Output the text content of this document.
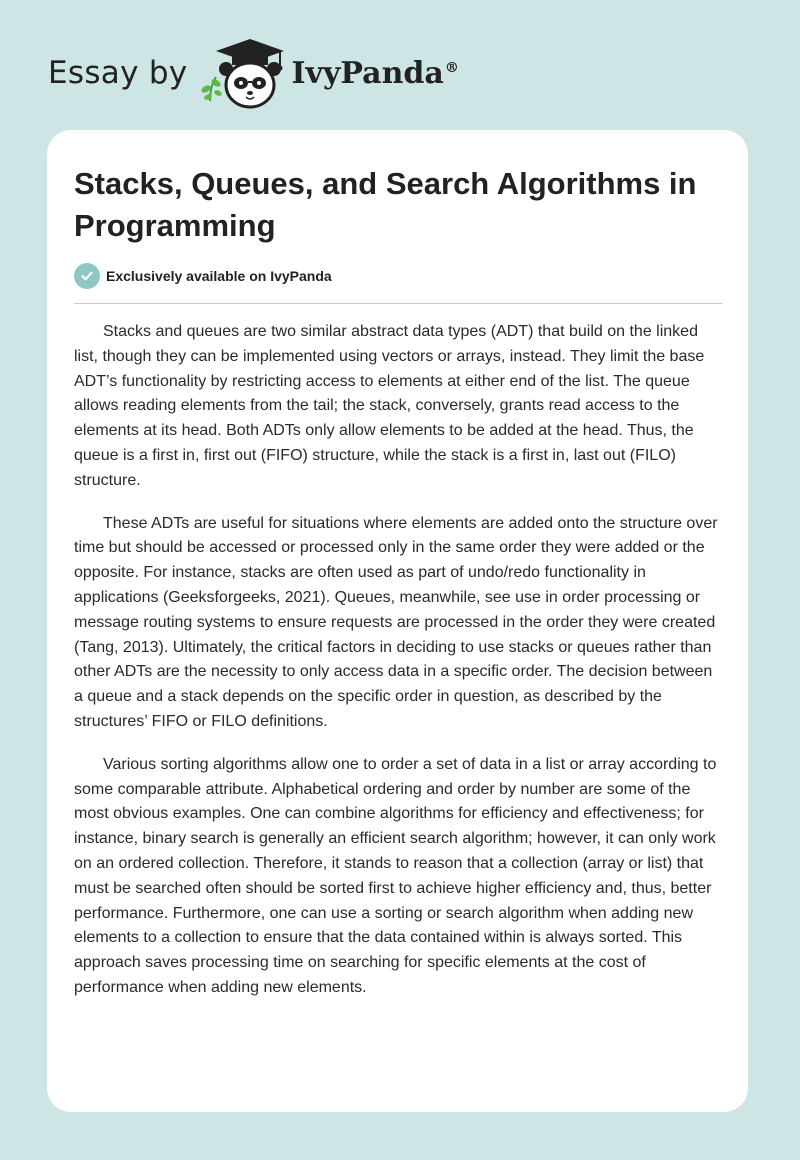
Essay by	IvyPanda®
Stacks, Queues, and Search Algorithms in Programming
Exclusively available on IvyPanda

Stacks and queues are two similar abstract data types (ADT) that build on the linked list, though they can be implemented using vectors or arrays, instead. They limit the base ADT’s functionality by restricting access to elements at either end of the list. The queue allows reading elements from the tail; the stack, conversely, grants read access to the elements at its head. Both ADTs only allow elements to be added at the head. Thus, the queue is a first in, first out (FIFO) structure, while the stack is a first in, last out (FILO) structure.

These ADTs are useful for situations where elements are added onto the structure over time but should be accessed or processed only in the same order they were added or the opposite. For instance, stacks are often used as part of undo/redo functionality in applications (Geeksforgeeks, 2021). Queues, meanwhile, see use in order processing or message routing systems to ensure requests are processed in the order they were created (Tang, 2013). Ultimately, the critical factors in deciding to use stacks or queues rather than other ADTs are the necessity to only access data in a specific order. The decision between a queue and a stack depends on the specific order in question, as described by the structures’ FIFO or FILO definitions.

Various sorting algorithms allow one to order a set of data in a list or array according to some comparable attribute. Alphabetical ordering and order by number are some of the most obvious examples. One can combine algorithms for efficiency and effectiveness; for instance, binary search is generally an efficient search algorithm; however, it can only work on an ordered collection. Therefore, it stands to reason that a collection (array or list) that must be searched often should be sorted first to achieve higher efficiency and, thus, better performance. Furthermore, one can use a sorting or search algorithm when adding new elements to a collection to ensure that the data contained within is always sorted. This approach saves processing time on searching for specific elements at the cost of performance when adding new elements.
